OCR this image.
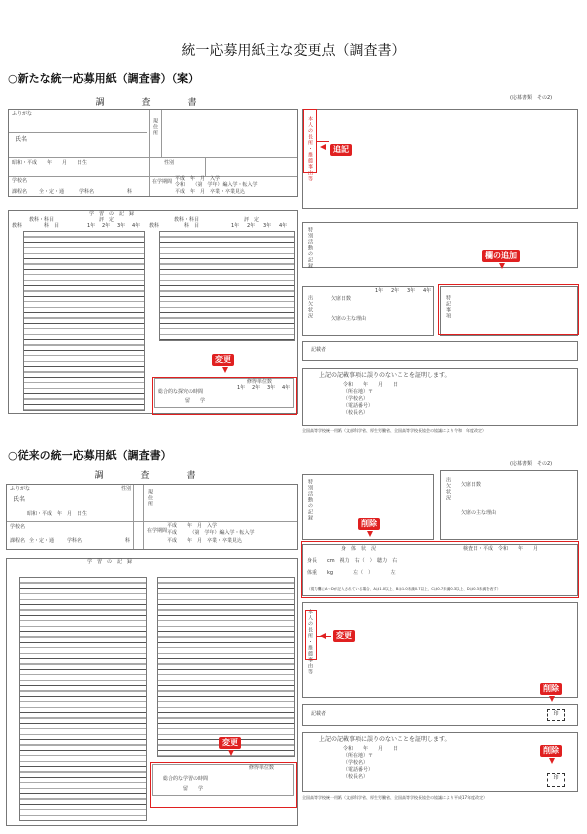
統一応募用紙主な変更点（調査書）
○新たな統一応募用紙（調査書）（案）
調　査　書
ふりがな
氏名
現住所
昭和・平成　　年　　月　　日生	性別
学校名
課程名 全・定・通	学科名	科
在学期間 平成　年　月　入学
令和　　（第　学年）編入学・転入学
平成　年　月　卒業・卒業見込
学　習　の　記　録
教科・科目	評　定	教科・科目	評　定
教科	科　目	1年 2年 3年 4年 教科	科　目	1年 2年 3年 4年
修得単位数
総合的な探究の時間
留　　学
1年 2年 3年 4年
変更
(応募書類　その2)
本人の長所・推薦事由等
特別活動の記録
出欠状況	欠席日数
欠席の主な理由
1年 2年 3年 4年
特記事項
記載者
上記の記載事項に誤りのないことを証明します。
令和　　年　　月　　日
（所在地）〒
（学校名）
（電話番号）
（校長名）
全国高等学校統一用紙（文部科学省、厚生労働省、全国高等学校長協会の協議により令和　年度改定）
追記
欄の追加
○従来の統一応募用紙（調査書）
調　査　書
ふりがな
氏名
昭和・平成　年　月　日生
性別	現住所
学校名
課程名 全・定・通	学科名	科
在学期間
平成　　年　月　入学
平成　　　（第　学年）編入学・転入学
平成　　年　月　卒業・卒業見込
学　習　の　記　録
修得単位数
総合的な学習の時間
留　　学
変更
(応募書類　その2)
特別活動の記録	出欠状況 欠席日数
欠席の主な理由
身　体　状　況	検査日・平成　令和　　年　　月
身長　　cm　視力　右（　）　聴力　右
体重　　kg　　　　左（　）　　　　左
（視力欄にA～Dが記入されている場合、Aは1.0以上、Bは1.0未満0.7以上、Cは0.7未満0.3以上、Dは0.3未満を表す）
本人の長所・推薦事由等
記載者	印
上記の記載事項に誤りのないことを証明します。
令和　　年　　月　　日
（所在地）〒
（学校名）
（電話番号）
（校長名）	印
全国高等学校統一用紙（文部科学省、厚生労働省、全国高等学校長協会の協議により平成17年度改定）
削除
変更
削除
削除
